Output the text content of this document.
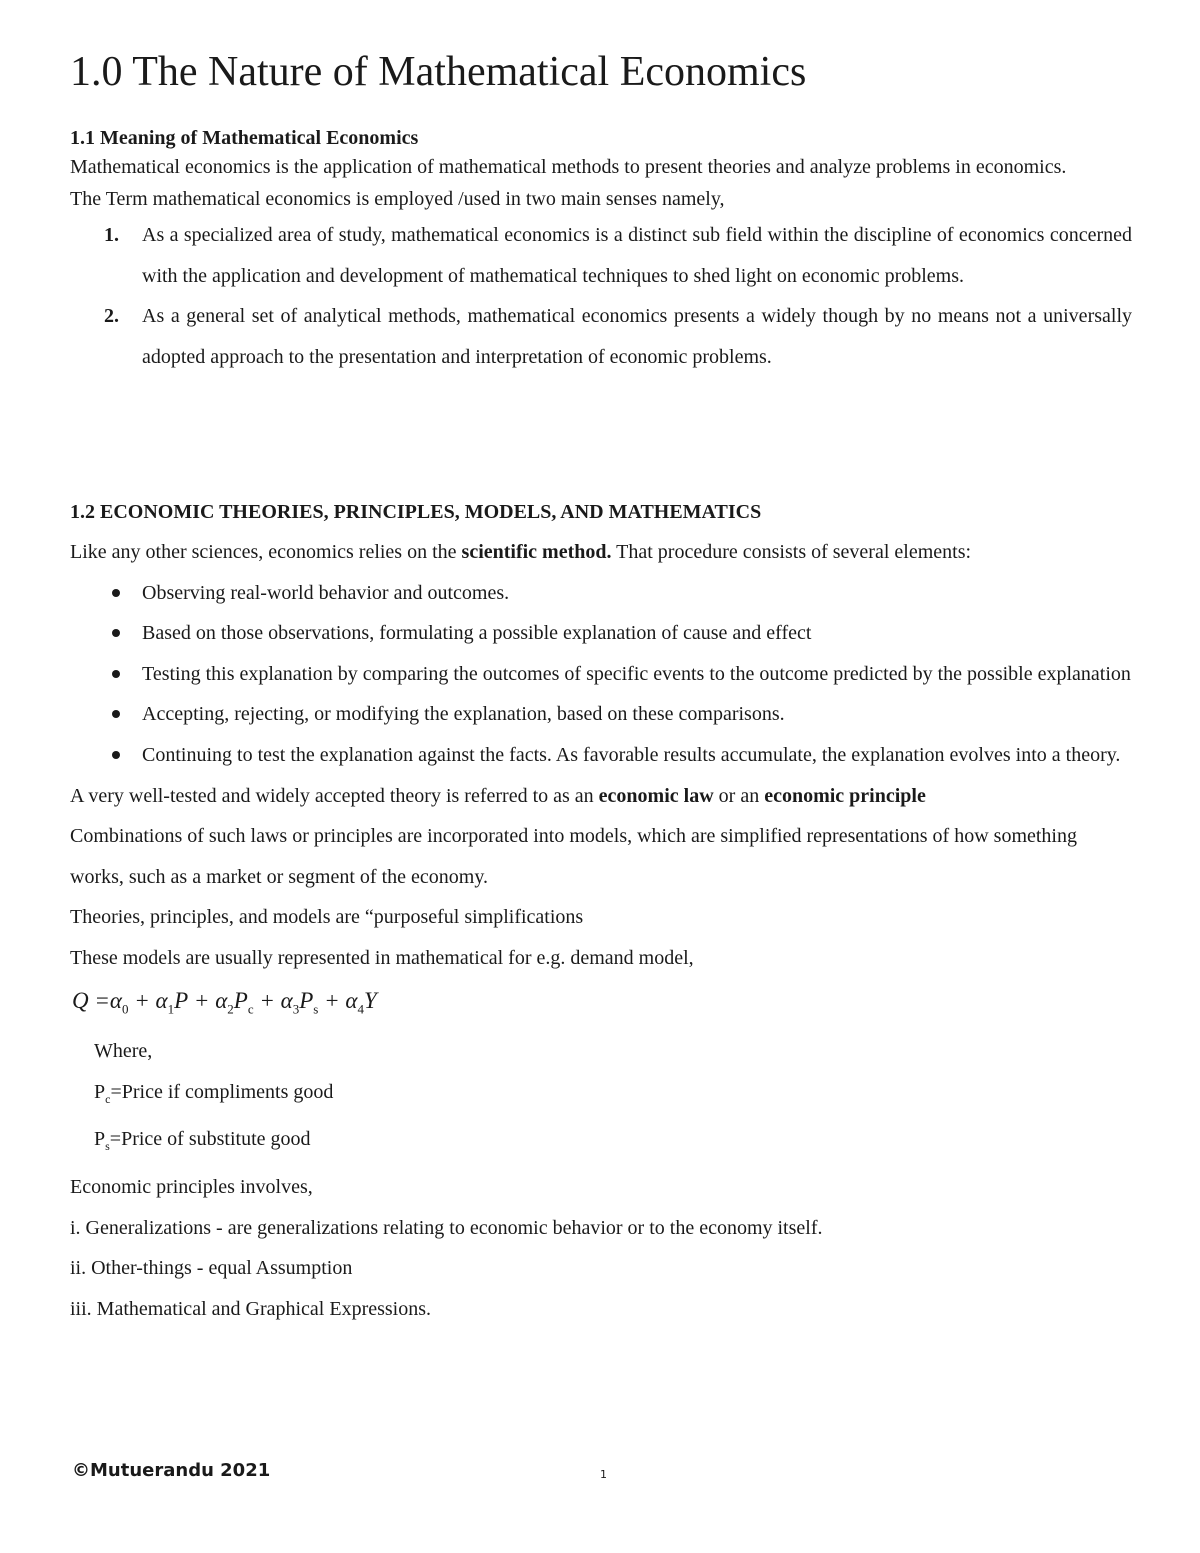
1.0 The Nature of Mathematical Economics

1.1 Meaning of Mathematical Economics

Mathematical economics is the application of mathematical methods to present theories and analyze problems in economics.

The Term mathematical economics is employed /used in two main senses namely,

1. As a specialized area of study, mathematical economics is a distinct sub field within the discipline of economics concerned with the application and development of mathematical techniques to shed light on economic problems.
2. As a general set of analytical methods, mathematical economics presents a widely though by no means not a universally adopted approach to the presentation and interpretation of economic problems.

1.2 ECONOMIC THEORIES, PRINCIPLES, MODELS, AND MATHEMATICS

Like any other sciences, economics relies on the scientific method. That procedure consists of several elements:

Observing real-world behavior and outcomes.
Based on those observations, formulating a possible explanation of cause and effect
Testing this explanation by comparing the outcomes of specific events to the outcome predicted by the possible explanation
Accepting, rejecting, or modifying the explanation, based on these comparisons.
Continuing to test the explanation against the facts. As favorable results accumulate, the explanation evolves into a theory.

A very well-tested and widely accepted theory is referred to as an economic law or an economic principle

Combinations of such laws or principles are incorporated into models, which are simplified representations of how something works, such as a market or segment of the economy.

Theories, principles, and models are “purposeful simplifications

These models are usually represented in mathematical for e.g. demand model,

$Q =\alpha_0 + \alpha_1P + \alpha_2P_c + \alpha_3P_s + \alpha_4Y$

Where,

$P_c=Price$ if compliments good

$P_s=Price$ of substitute good

Economic principles involves,

i. Generalizations - are generalizations relating to economic behavior or to the economy itself.

ii. Other-things - equal Assumption

iii. Mathematical and Graphical Expressions.

©Mutuerandu 2021	1
